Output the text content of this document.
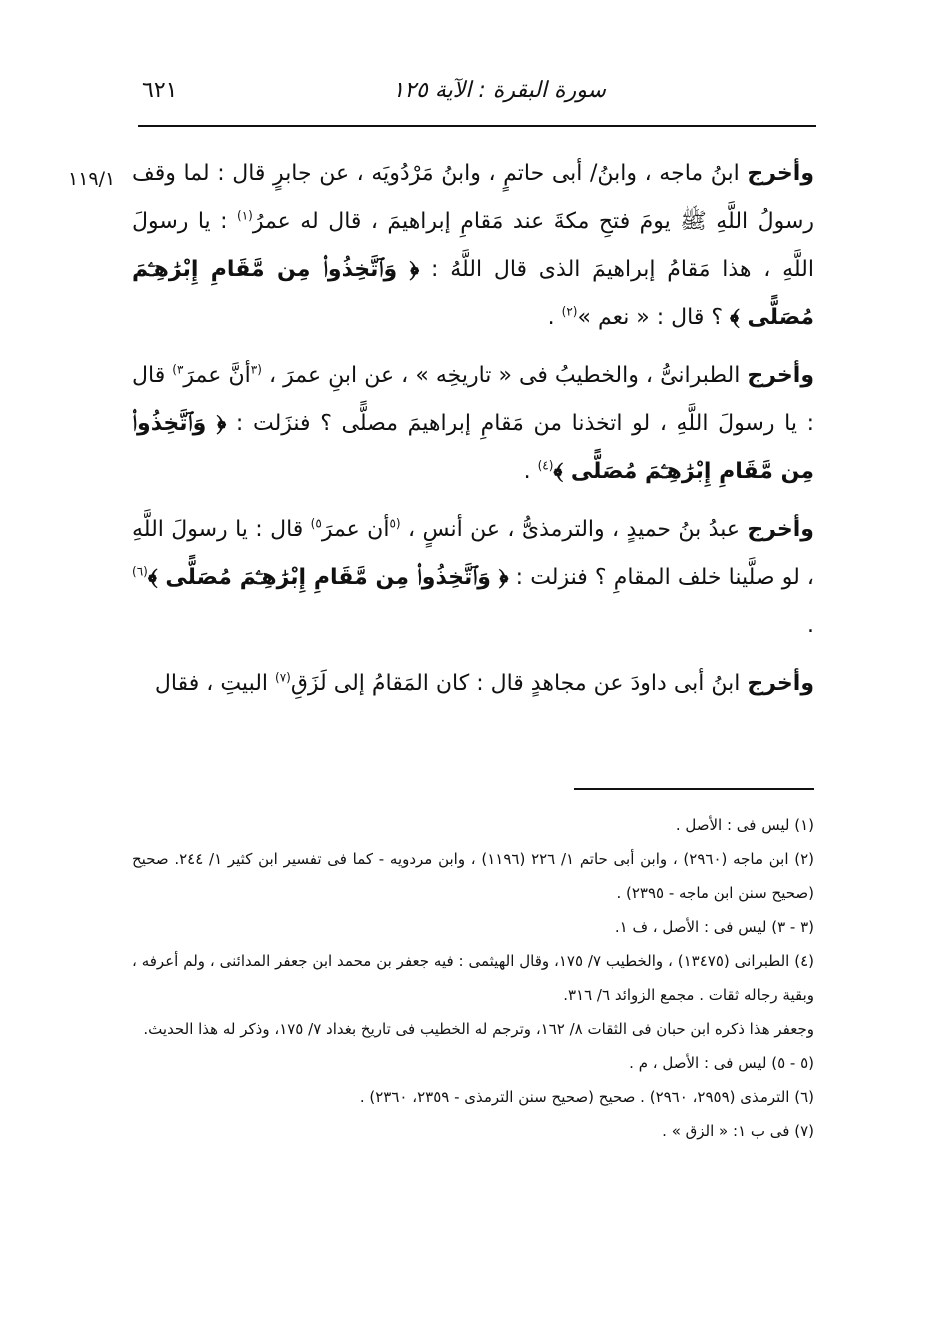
٦٢١	سورة البقرة : الآية ١٢٥
١١٩/١	وأخرج ابنُ ماجه ، وابنُ/ أبى حاتمٍ ، وابنُ مَرْدُويَه ، عن جابرٍ قال : لما وقف رسولُ اللَّهِ ﷺ يومَ فتحِ مكةَ عند مَقامِ إبراهيمَ ، قال له عمرُ$^{(١)}$ : يا رسولَ اللَّهِ ، هذا مَقامُ إبراهيمَ الذى قال اللَّهُ : ﴿ وَٱتَّخِذُوا۟ مِن مَّقَامِ إِبْرَٰهِـۧمَ مُصَلًّى ﴾ ؟ قال : « نعم »$^{(٢)}$ .

وأخرج الطبرانىُّ ، والخطيبُ فى « تاريخِه » ، عن ابنِ عمرَ ، $^{(٣}$أنَّ عمرَ$^{٣)}$ قال : يا رسولَ اللَّهِ ، لو اتخذنا من مَقامِ إبراهيمَ مصلًّى ؟ فنزَلت : ﴿ وَٱتَّخِذُوا۟ مِن مَّقَامِ إِبْرَٰهِـۧمَ مُصَلًّى ﴾$^{(٤)}$ .

وأخرج عبدُ بنُ حميدٍ ، والترمذىُّ ، عن أنسٍ ، $^{(٥}$أن عمرَ$^{٥)}$ قال : يا رسولَ اللَّهِ ، لو صلَّينا خلف المقامِ ؟ فنزلت : ﴿ وَٱتَّخِذُوا۟ مِن مَّقَامِ إِبْرَٰهِـۧمَ مُصَلًّى ﴾$^{(٦)}$ .

وأخرج ابنُ أبى داودَ عن مجاهدٍ قال : كان المَقامُ إلى لَزَقِ$^{(٧)}$ البيتِ ، فقال

(١) ليس فى : الأصل .

(٢) ابن ماجه (٢٩٦٠) ، وابن أبى حاتم ١/ ٢٢٦ (١١٩٦) ، وابن مردويه - كما فى تفسير ابن كثير ١/ ٢٤٤. صحيح (صحيح سنن ابن ماجه - ٢٣٩٥) .

(٣ - ٣) ليس فى : الأصل ، ف ١.

(٤) الطبرانى (١٣٤٧٥) ، والخطيب ٧/ ١٧٥، وقال الهيثمى : فيه جعفر بن محمد ابن جعفر المدائنى ، ولم أعرفه ، وبقية رجاله ثقات . مجمع الزوائد ٦/ ٣١٦.

وجعفر هذا ذكره ابن حبان فى الثقات ٨/ ١٦٢، وترجم له الخطيب فى تاريخ بغداد ٧/ ١٧٥، وذكر له هذا الحديث.

(٥ - ٥) ليس فى : الأصل ، م .

(٦) الترمذى (٢٩٥٩، ٢٩٦٠) . صحيح (صحيح سنن الترمذى - ٢٣٥٩، ٢٣٦٠) .

(٧) فى ب ١: « الزق » .
